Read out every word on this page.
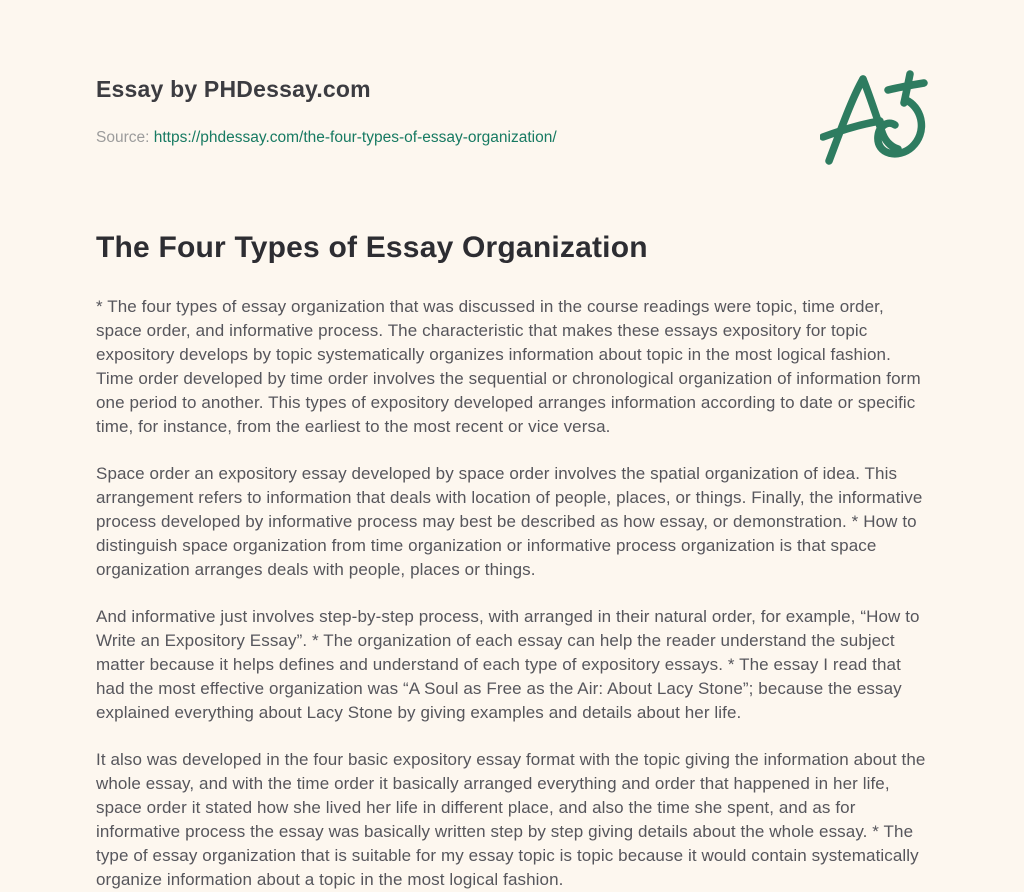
Essay by PHDessay.com

Source: https://phdessay.com/the-four-types-of-essay-organization/

The Four Types of Essay Organization

* The four types of essay organization that was discussed in the course readings were topic, time order, space order, and informative process. The characteristic that makes these essays expository for topic expository develops by topic systematically organizes information about topic in the most logical fashion. Time order developed by time order involves the sequential or chronological organization of information form one period to another. This types of expository developed arranges information according to date or specific time, for instance, from the earliest to the most recent or vice versa.

Space order an expository essay developed by space order involves the spatial organization of idea. This arrangement refers to information that deals with location of people, places, or things. Finally, the informative process developed by informative process may best be described as how essay, or demonstration. * How to distinguish space organization from time organization or informative process organization is that space organization arranges deals with people, places or things.

And informative just involves step-by-step process, with arranged in their natural order, for example, “How to Write an Expository Essay”. * The organization of each essay can help the reader understand the subject matter because it helps defines and understand of each type of expository essays. * The essay I read that had the most effective organization was “A Soul as Free as the Air: About Lacy Stone”; because the essay explained everything about Lacy Stone by giving examples and details about her life.

It also was developed in the four basic expository essay format with the topic giving the information about the whole essay, and with the time order it basically arranged everything and order that happened in her life, space order it stated how she lived her life in different place, and also the time she spent, and as for informative process the essay was basically written step by step giving details about the whole essay. * The type of essay organization that is suitable for my essay topic is topic because it would contain systematically organize information about a topic in the most logical fashion.
